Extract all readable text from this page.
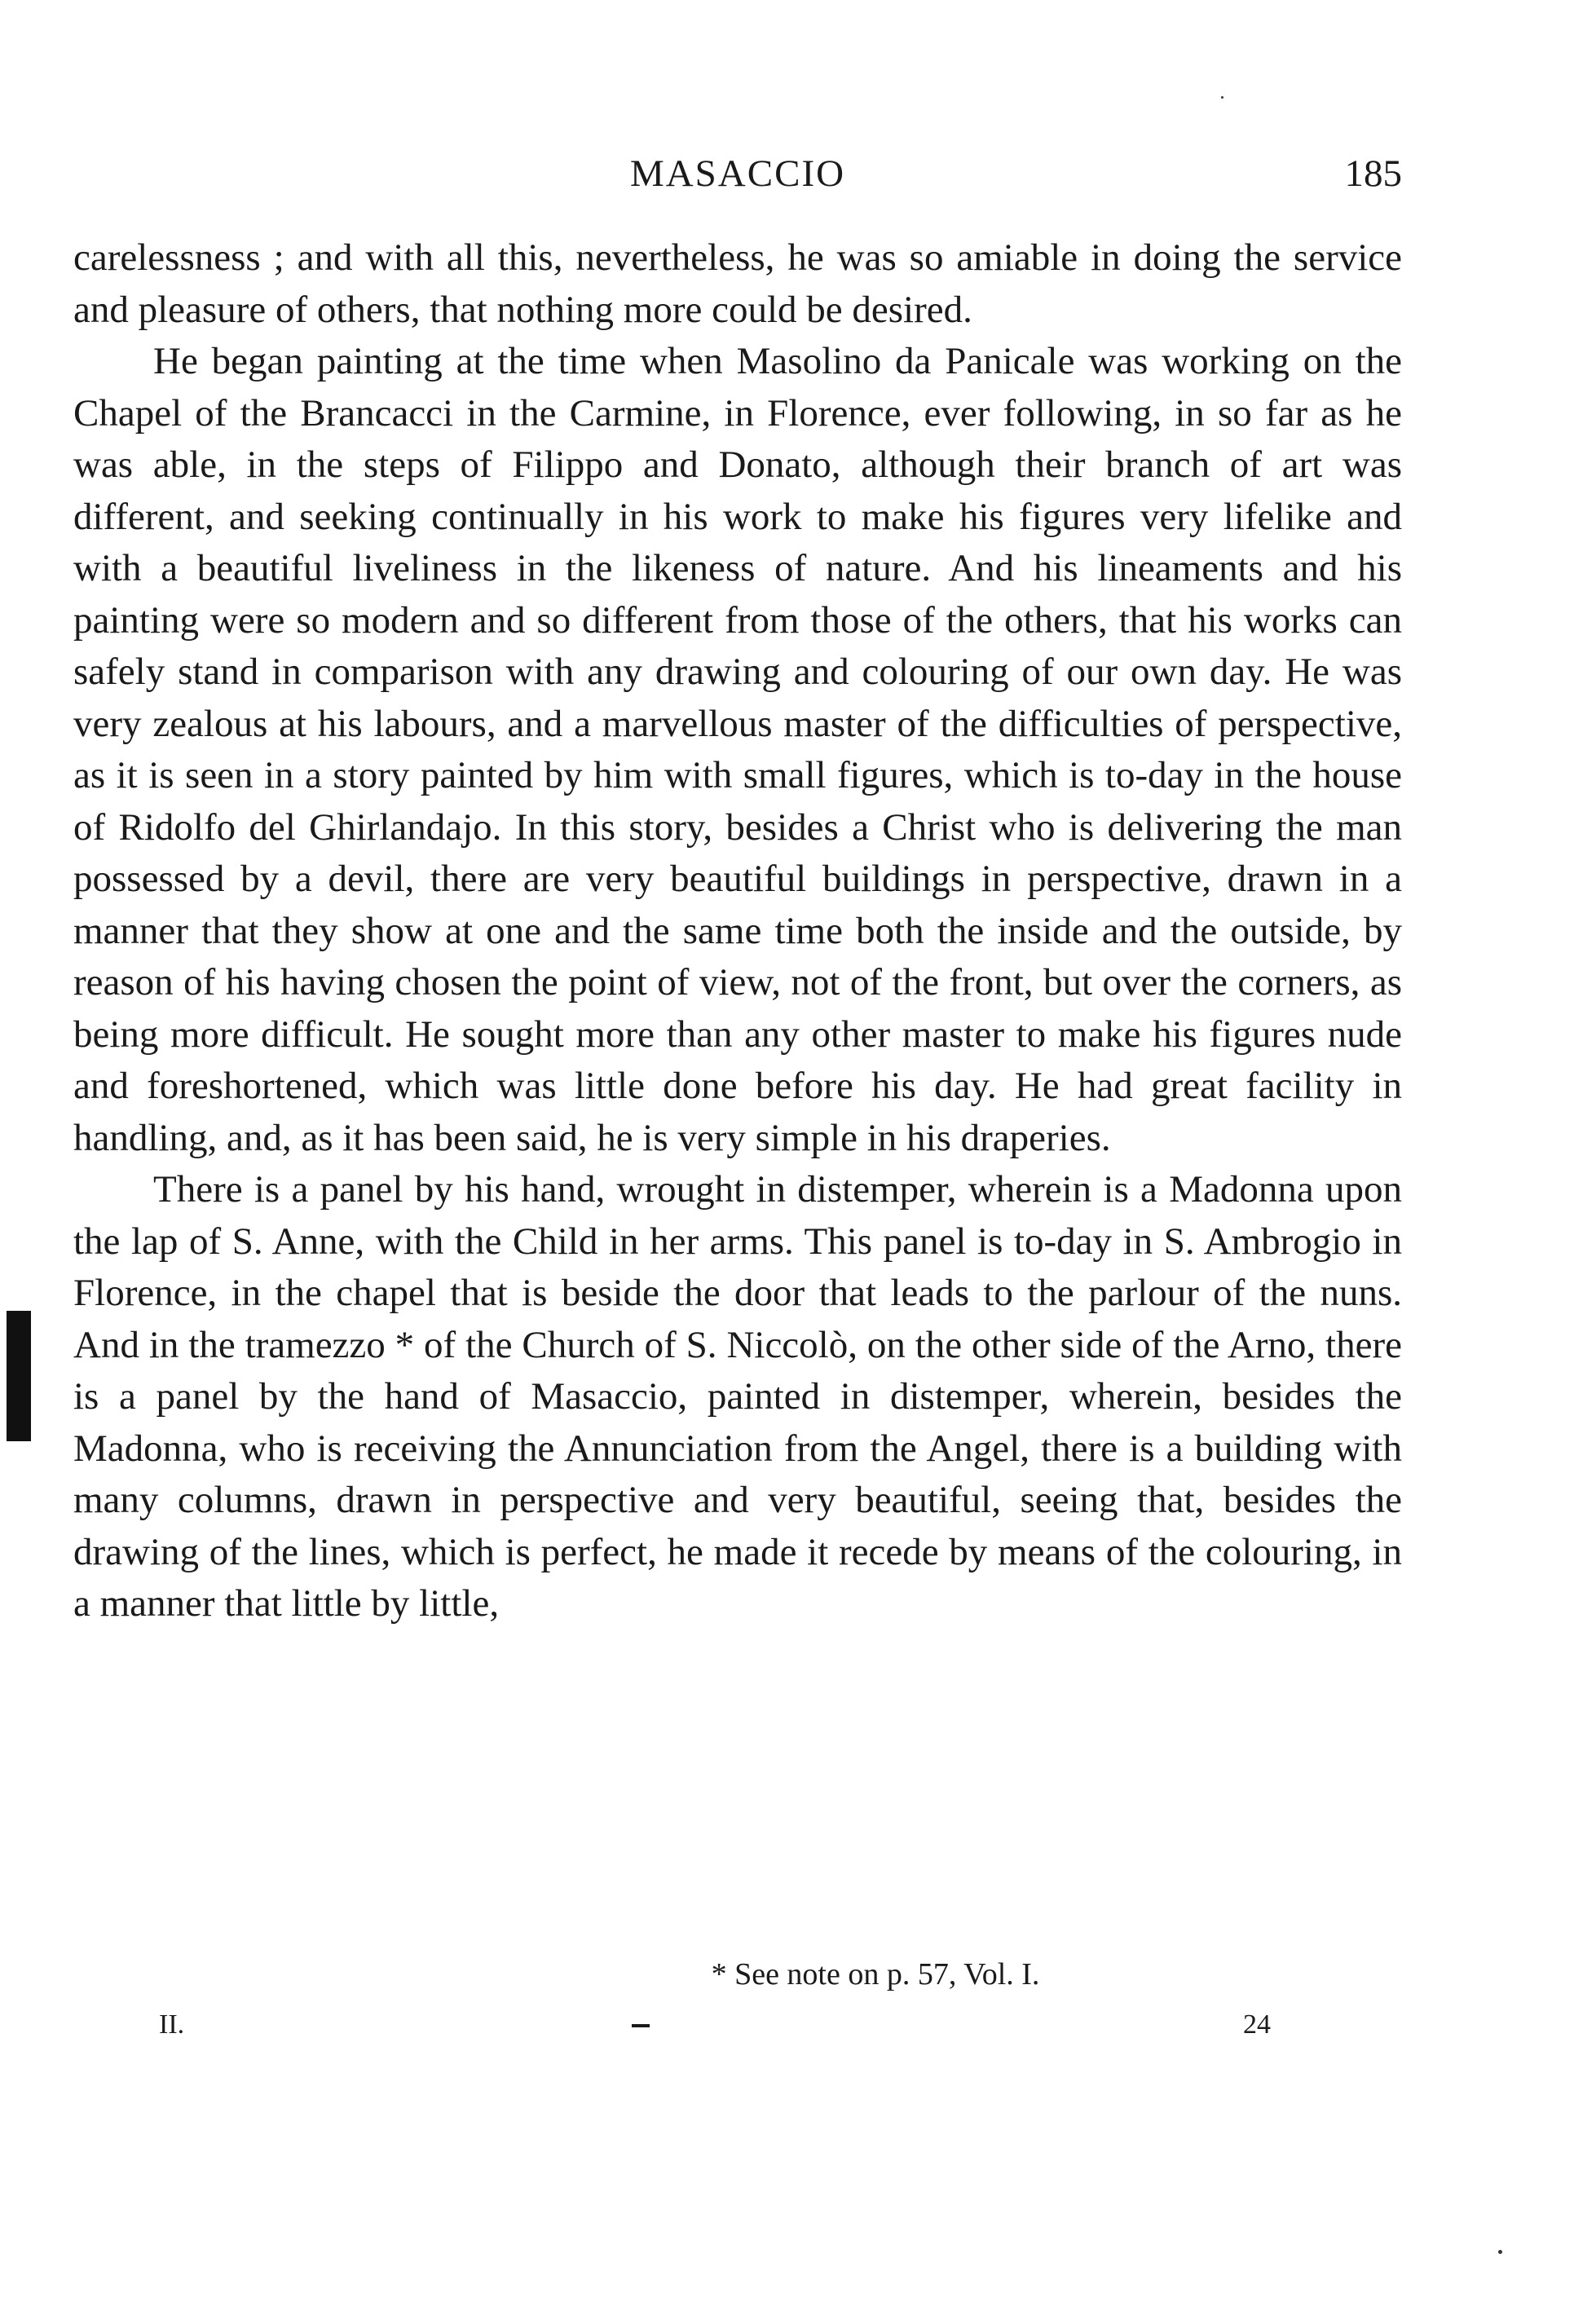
MASACCIO	185

carelessness ; and with all this, nevertheless, he was so amiable in doing the service and pleasure of others, that nothing more could be desired.

He began painting at the time when Masolino da Panicale was working on the Chapel of the Brancacci in the Carmine, in Florence, ever following, in so far as he was able, in the steps of Filippo and Donato, although their branch of art was different, and seeking continually in his work to make his figures very lifelike and with a beautiful liveliness in the likeness of nature. And his lineaments and his painting were so modern and so different from those of the others, that his works can safely stand in comparison with any drawing and colouring of our own day. He was very zealous at his labours, and a marvellous master of the difficulties of perspective, as it is seen in a story painted by him with small figures, which is to-day in the house of Ridolfo del Ghirlandajo. In this story, besides a Christ who is delivering the man possessed by a devil, there are very beautiful buildings in perspective, drawn in a manner that they show at one and the same time both the inside and the outside, by reason of his having chosen the point of view, not of the front, but over the corners, as being more difficult. He sought more than any other master to make his figures nude and foreshortened, which was little done before his day. He had great facility in handling, and, as it has been said, he is very simple in his draperies.

There is a panel by his hand, wrought in distemper, wherein is a Madonna upon the lap of S. Anne, with the Child in her arms. This panel is to-day in S. Ambrogio in Florence, in the chapel that is beside the door that leads to the parlour of the nuns. And in the tramezzo * of the Church of S. Niccolò, on the other side of the Arno, there is a panel by the hand of Masaccio, painted in distemper, wherein, besides the Madonna, who is receiving the Annunciation from the Angel, there is a building with many columns, drawn in perspective and very beautiful, seeing that, besides the drawing of the lines, which is perfect, he made it recede by means of the colouring, in a manner that little by little,

* See note on p. 57, Vol. I.
II.	24
